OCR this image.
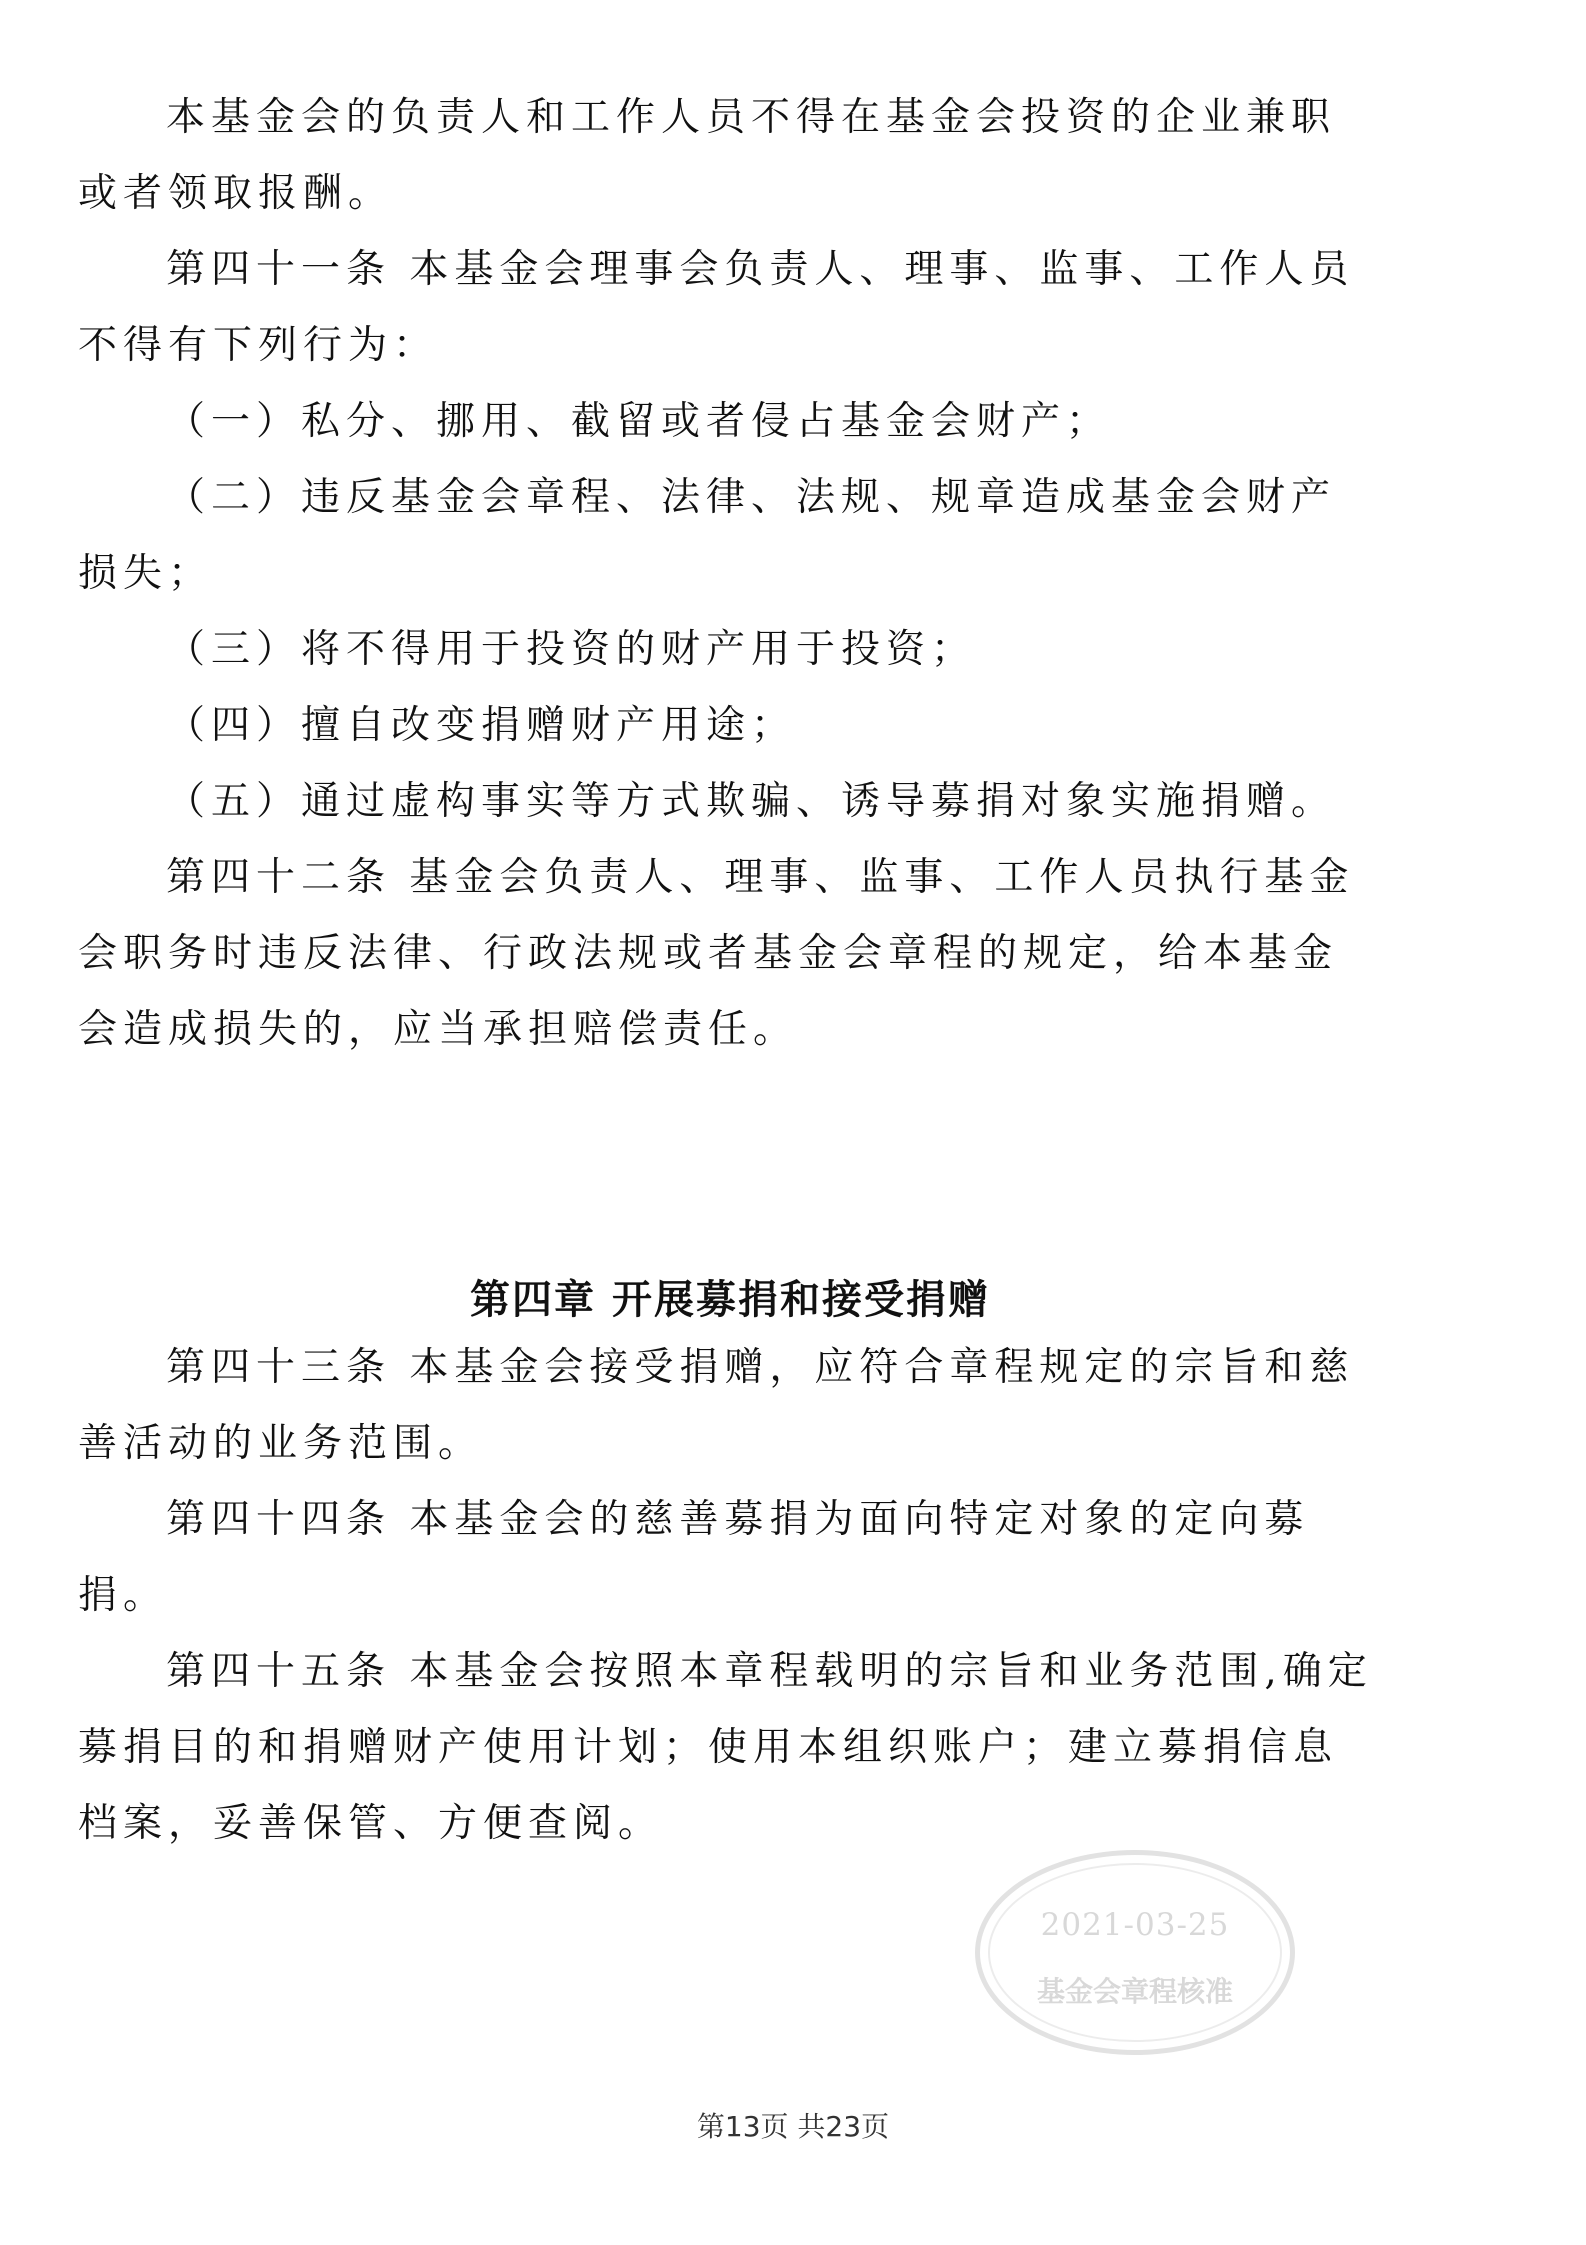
本基金会的负责人和工作人员不得在基金会投资的企业兼职或者领取报酬。

第四十一条 本基金会理事会负责人、理事、监事、工作人员不得有下列行为：

（一）私分、挪用、截留或者侵占基金会财产；

（二）违反基金会章程、法律、法规、规章造成基金会财产损失；

（三）将不得用于投资的财产用于投资；

（四）擅自改变捐赠财产用途；

（五）通过虚构事实等方式欺骗、诱导募捐对象实施捐赠。

第四十二条 基金会负责人、理事、监事、工作人员执行基金会职务时违反法律、行政法规或者基金会章程的规定，给本基金会造成损失的，应当承担赔偿责任。

第四章 开展募捐和接受捐赠

第四十三条 本基金会接受捐赠，应符合章程规定的宗旨和慈善活动的业务范围。

第四十四条 本基金会的慈善募捐为面向特定对象的定向募捐。

第四十五条 本基金会按照本章程载明的宗旨和业务范围,确定募捐目的和捐赠财产使用计划；使用本组织账户；建立募捐信息档案，妥善保管、方便查阅。

2021-03-25
基金会章程核准
第13页 共23页
